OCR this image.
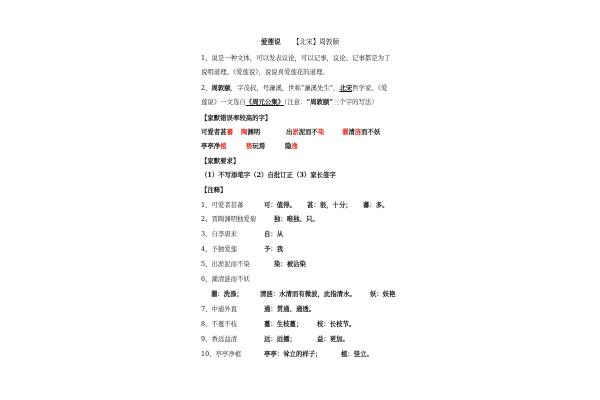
爱莲说 【北宋】周敦颐
1、说是一种文体，可以发表议论，可以记事，议论、记事都是为了
说明道理。《爱莲说》，说说喜爱莲花的道理。
2、周敦颐，字茂叔，号濂溪，世称“濂溪先生”，北宋哲学家。《爱
莲说》一文选自《周元公集》（注意：“周敦颐”三个字的写法）
【家默错误率较高的字】
可爱者甚蕃 陶渊明	出淤泥而不染	濯清涟而不妖
亭亭净植	亵玩焉	隐逸
【家默要求】
（1）不写添笔字（2）自批订正（3）家长签字
【注释】
1、可爱者甚蕃	可：值得。 甚：很，十分； 蕃：多。
2、晋陶渊明独爱菊	独：唯独、只。
3、自李唐来	自：从
4、予独爱莲	予：我
5、出淤泥而不染	染：被沾染
6、濯清涟而不妖
濯：洗涤；	清涟：水清而有微波，此指清水。 妖：妖艳
7、中通外直	通：贯通、通透。
8、不蔓不枝	蔓：生枝蔓； 枝：长枝节。
9、香远益清	远：远播；	益：更加。
10、亭亭净植	亭亭：耸立的样子；	植：竖立。
